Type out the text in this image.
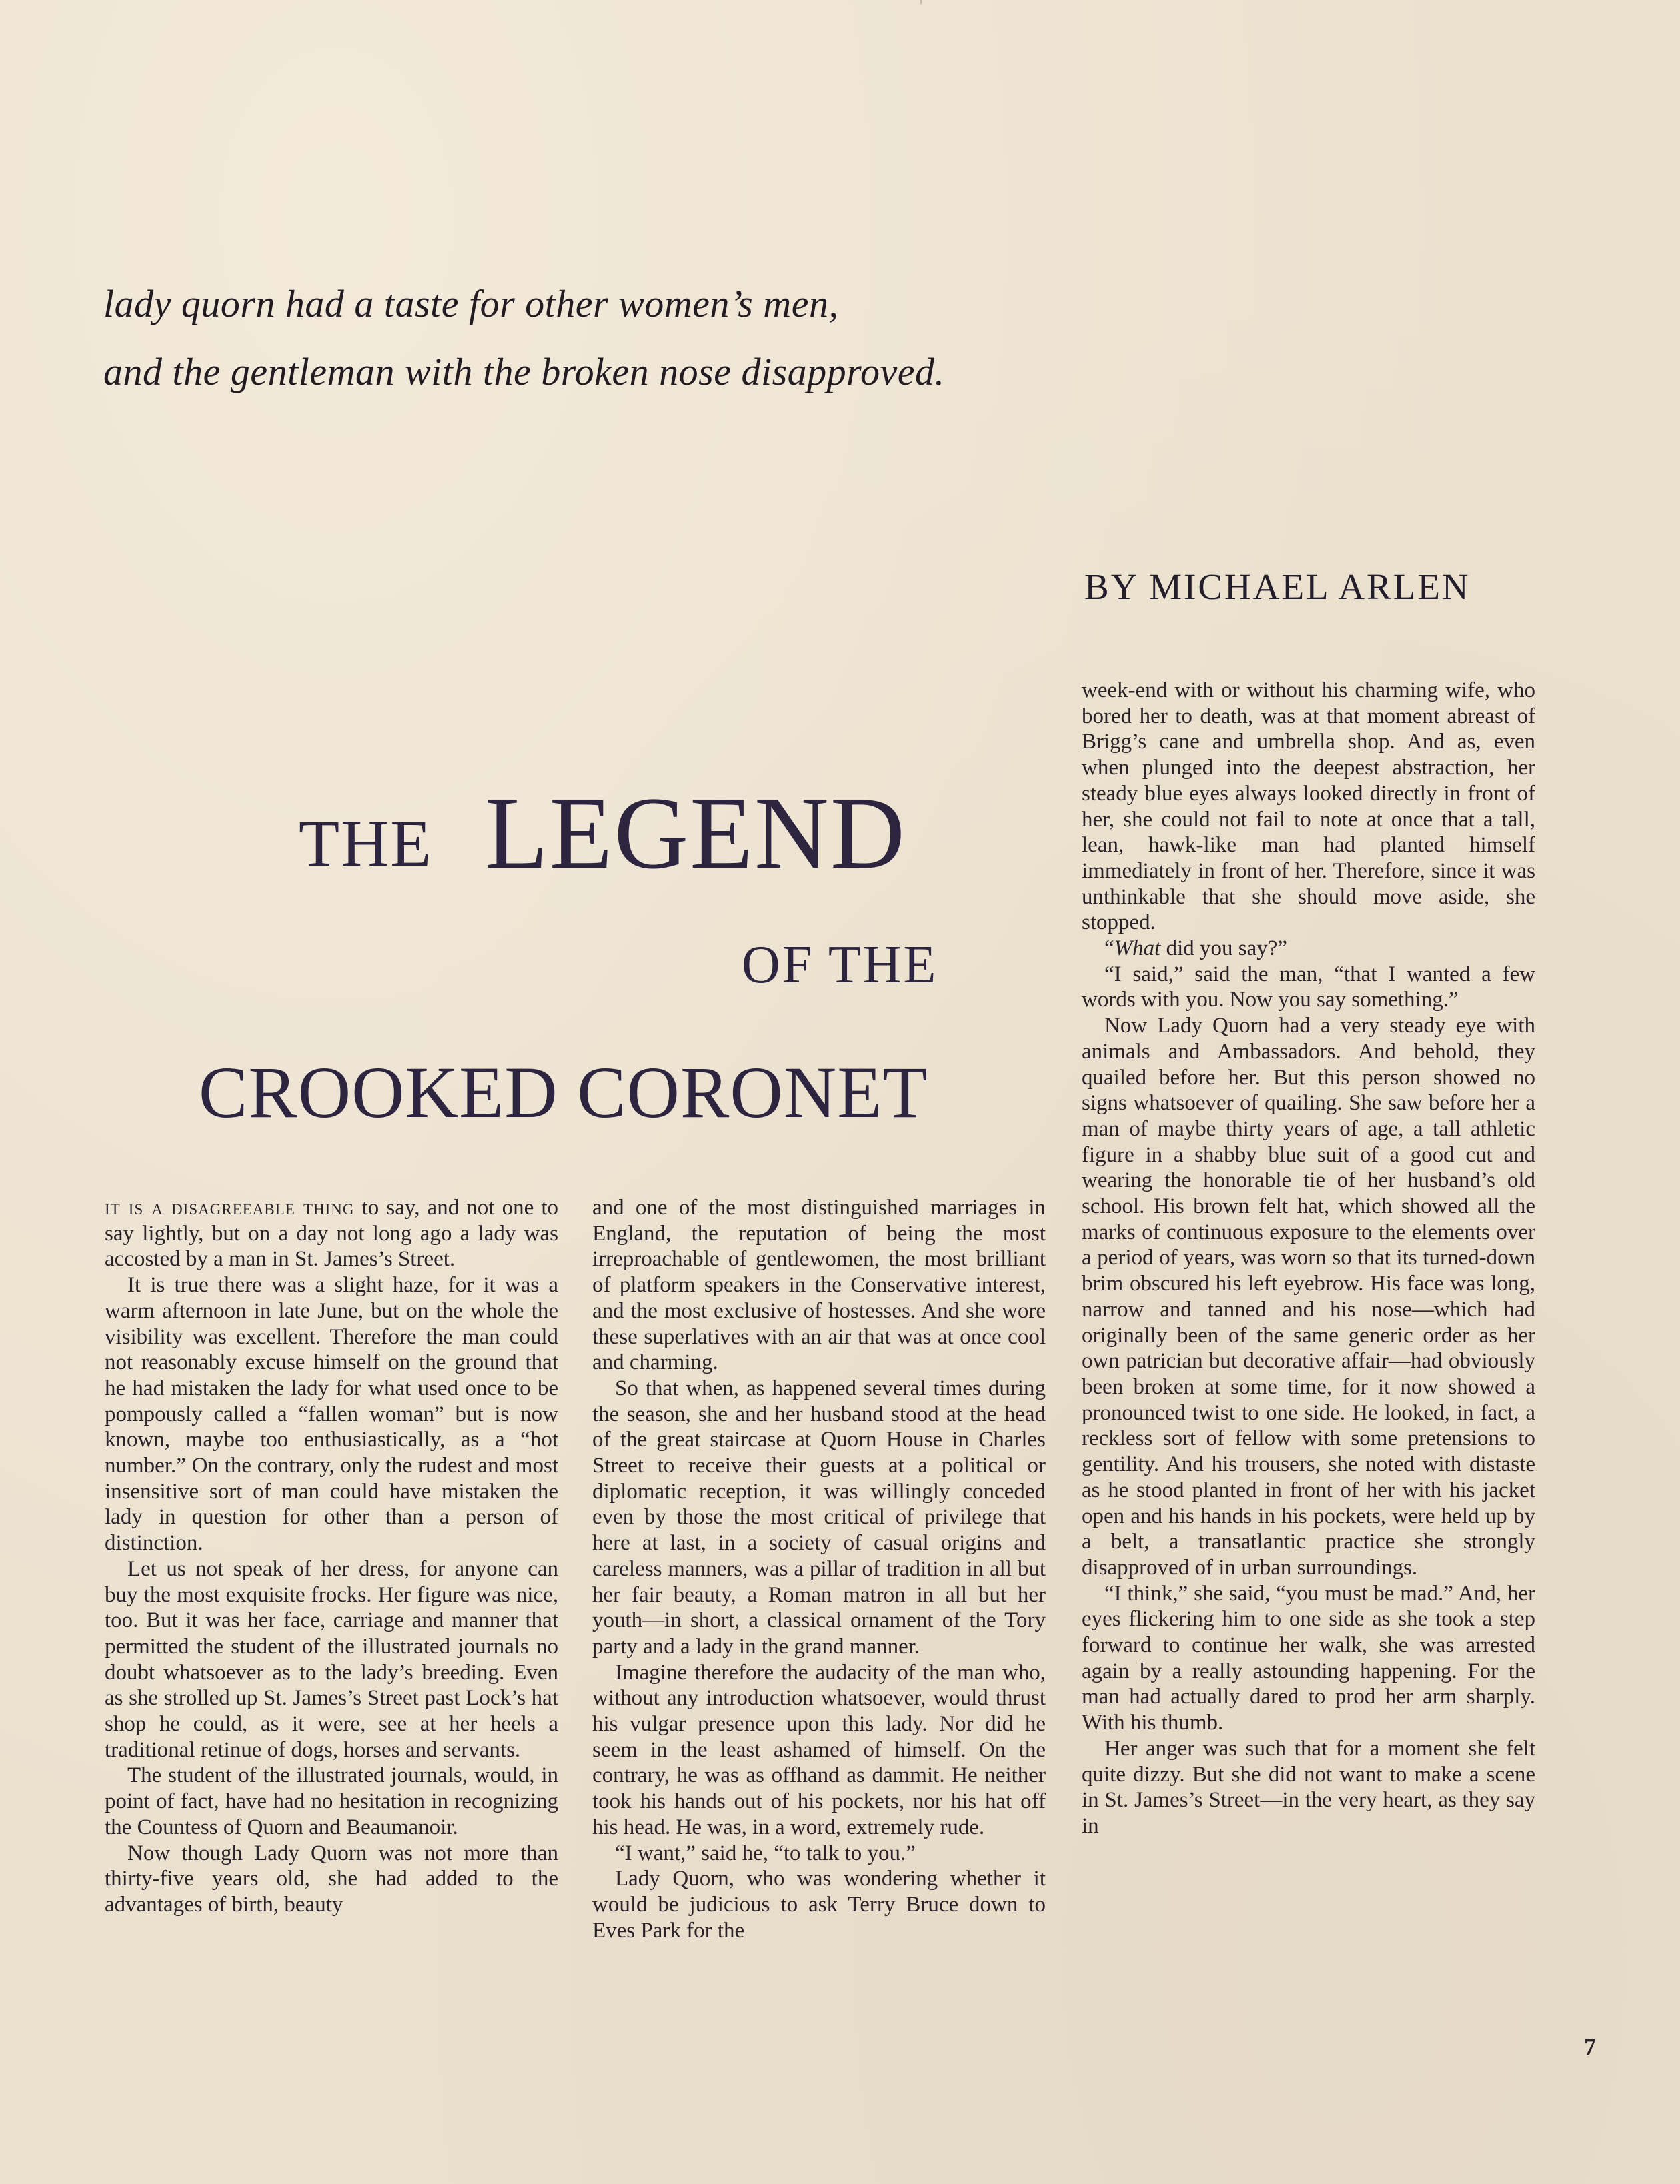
lady quorn had a taste for other women’s men,
and the gentleman with the broken nose disapproved.
BY MICHAEL ARLEN
THE LEGEND
OF THE
CROOKED CORONET

it is a disagreeable thing to say, and not one to say lightly, but on a day not long ago a lady was accosted by a man in St. James’s Street.

It is true there was a slight haze, for it was a warm afternoon in late June, but on the whole the visibility was excellent. Therefore the man could not reasonably excuse himself on the ground that he had mistaken the lady for what used once to be pompously called a “fallen woman” but is now known, maybe too enthusiastically, as a “hot number.” On the contrary, only the rudest and most insensitive sort of man could have mistaken the lady in question for other than a person of distinction.

Let us not speak of her dress, for anyone can buy the most exquisite frocks. Her figure was nice, too. But it was her face, carriage and manner that permitted the student of the illustrated journals no doubt whatsoever as to the lady’s breeding. Even as she strolled up St. James’s Street past Lock’s hat shop he could, as it were, see at her heels a traditional retinue of dogs, horses and servants.

The student of the illustrated journals, would, in point of fact, have had no hesitation in recognizing the Countess of Quorn and Beaumanoir.

Now though Lady Quorn was not more than thirty-five years old, she had added to the advantages of birth, beauty

and one of the most distinguished marriages in England, the reputation of being the most irreproachable of gentlewomen, the most brilliant of platform speakers in the Conservative interest, and the most exclusive of hostesses. And she wore these superlatives with an air that was at once cool and charming.

So that when, as happened several times during the season, she and her husband stood at the head of the great staircase at Quorn House in Charles Street to receive their guests at a political or diplomatic reception, it was willingly conceded even by those the most critical of privilege that here at last, in a society of casual origins and careless manners, was a pillar of tradition in all but her fair beauty, a Roman matron in all but her youth—in short, a classical ornament of the Tory party and a lady in the grand manner.

Imagine therefore the audacity of the man who, without any introduction whatsoever, would thrust his vulgar presence upon this lady. Nor did he seem in the least ashamed of himself. On the contrary, he was as offhand as dammit. He neither took his hands out of his pockets, nor his hat off his head. He was, in a word, extremely rude.

“I want,” said he, “to talk to you.”

Lady Quorn, who was wondering whether it would be judicious to ask Terry Bruce down to Eves Park for the

week-end with or without his charming wife, who bored her to death, was at that moment abreast of Brigg’s cane and umbrella shop. And as, even when plunged into the deepest abstraction, her steady blue eyes always looked directly in front of her, she could not fail to note at once that a tall, lean, hawk-like man had planted himself immediately in front of her. Therefore, since it was unthinkable that she should move aside, she stopped.

“What did you say?”

“I said,” said the man, “that I wanted a few words with you. Now you say something.”

Now Lady Quorn had a very steady eye with animals and Ambassadors. And behold, they quailed before her. But this person showed no signs whatsoever of quailing. She saw before her a man of maybe thirty years of age, a tall athletic figure in a shabby blue suit of a good cut and wearing the honorable tie of her husband’s old school. His brown felt hat, which showed all the marks of continuous exposure to the elements over a period of years, was worn so that its turned-down brim obscured his left eyebrow. His face was long, narrow and tanned and his nose—which had originally been of the same generic order as her own patrician but decorative affair—had obviously been broken at some time, for it now showed a pronounced twist to one side. He looked, in fact, a reckless sort of fellow with some pretensions to gentility. And his trousers, she noted with distaste as he stood planted in front of her with his jacket open and his hands in his pockets, were held up by a belt, a transatlantic practice she strongly disapproved of in urban surroundings.

“I think,” she said, “you must be mad.” And, her eyes flickering him to one side as she took a step forward to continue her walk, she was arrested again by a really astounding happening. For the man had actually dared to prod her arm sharply. With his thumb.

Her anger was such that for a moment she felt quite dizzy. But she did not want to make a scene in St. James’s Street—in the very heart, as they say in

7
